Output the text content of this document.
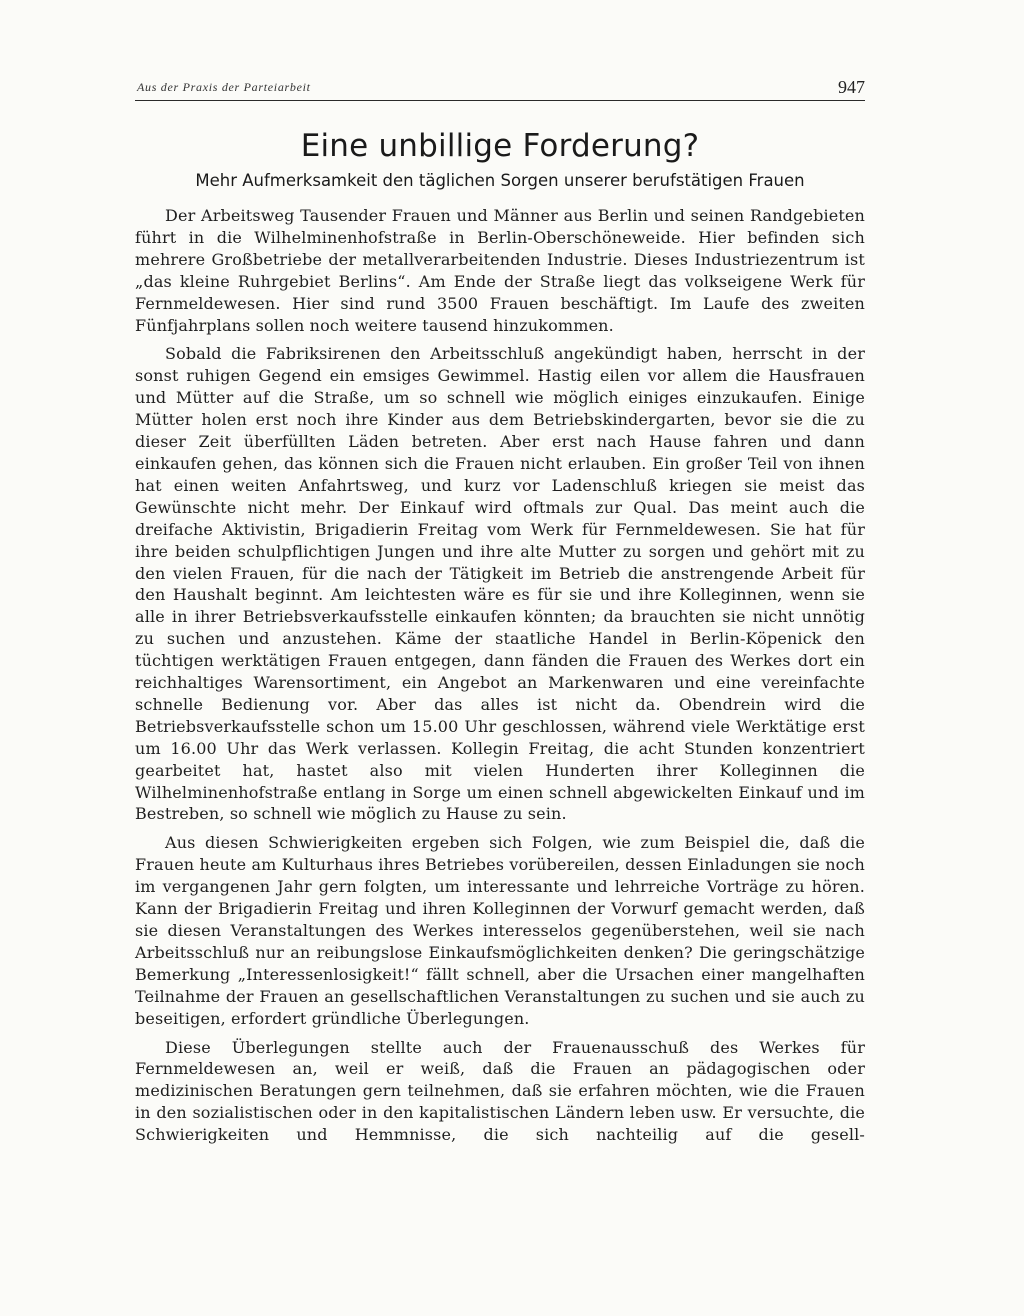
Aus der Praxis der Parteiarbeit	947
Eine unbillige Forderung?
Mehr Aufmerksamkeit den täglichen Sorgen unserer berufstätigen Frauen

Der Arbeitsweg Tausender Frauen und Männer aus Berlin und seinen Randgebieten führt in die Wilhelminenhofstraße in Berlin-Oberschöneweide. Hier befinden sich mehrere Großbetriebe der metallverarbeitenden Industrie. Dieses Industriezentrum ist „das kleine Ruhrgebiet Berlins“. Am Ende der Straße liegt das volkseigene Werk für Fernmeldewesen. Hier sind rund 3500 Frauen beschäftigt. Im Laufe des zweiten Fünfjahrplans sollen noch weitere tausend hinzukommen.

Sobald die Fabriksirenen den Arbeitsschluß angekündigt haben, herrscht in der sonst ruhigen Gegend ein emsiges Gewimmel. Hastig eilen vor allem die Hausfrauen und Mütter auf die Straße, um so schnell wie möglich einiges einzukaufen. Einige Mütter holen erst noch ihre Kinder aus dem Betriebskindergarten, bevor sie die zu dieser Zeit überfüllten Läden betreten. Aber erst nach Hause fahren und dann einkaufen gehen, das können sich die Frauen nicht erlauben. Ein großer Teil von ihnen hat einen weiten Anfahrtsweg, und kurz vor Ladenschluß kriegen sie meist das Gewünschte nicht mehr. Der Einkauf wird oftmals zur Qual. Das meint auch die dreifache Aktivistin, Brigadierin Freitag vom Werk für Fernmeldewesen. Sie hat für ihre beiden schulpflichtigen Jungen und ihre alte Mutter zu sorgen und gehört mit zu den vielen Frauen, für die nach der Tätigkeit im Betrieb die anstrengende Arbeit für den Haushalt beginnt. Am leichtesten wäre es für sie und ihre Kolleginnen, wenn sie alle in ihrer Betriebsverkaufsstelle einkaufen könnten; da brauchten sie nicht unnötig zu suchen und anzustehen. Käme der staatliche Handel in Berlin-Köpenick den tüchtigen werktätigen Frauen entgegen, dann fänden die Frauen des Werkes dort ein reichhaltiges Warensortiment, ein Angebot an Markenwaren und eine vereinfachte schnelle Bedienung vor. Aber das alles ist nicht da. Obendrein wird die Betriebsverkaufsstelle schon um 15.00 Uhr geschlossen, während viele Werktätige erst um 16.00 Uhr das Werk verlassen. Kollegin Freitag, die acht Stunden konzentriert gearbeitet hat, hastet also mit vielen Hunderten ihrer Kolleginnen die Wilhelminenhofstraße entlang in Sorge um einen schnell abgewickelten Einkauf und im Bestreben, so schnell wie möglich zu Hause zu sein.

Aus diesen Schwierigkeiten ergeben sich Folgen, wie zum Beispiel die, daß die Frauen heute am Kulturhaus ihres Betriebes vorübereilen, dessen Einladungen sie noch im vergangenen Jahr gern folgten, um interessante und lehrreiche Vorträge zu hören. Kann der Brigadierin Freitag und ihren Kolleginnen der Vorwurf gemacht werden, daß sie diesen Veranstaltungen des Werkes interesselos gegenüberstehen, weil sie nach Arbeitsschluß nur an reibungslose Einkaufsmöglichkeiten denken? Die geringschätzige Bemerkung „Interessenlosigkeit!“ fällt schnell, aber die Ursachen einer mangelhaften Teilnahme der Frauen an gesellschaftlichen Veranstaltungen zu suchen und sie auch zu beseitigen, erfordert gründliche Überlegungen.

Diese Überlegungen stellte auch der Frauenausschuß des Werkes für Fernmeldewesen an, weil er weiß, daß die Frauen an pädagogischen oder medizinischen Beratungen gern teilnehmen, daß sie erfahren möchten, wie die Frauen in den sozialistischen oder in den kapitalistischen Ländern leben usw. Er versuchte, die Schwierigkeiten und Hemmnisse, die sich nachteilig auf die gesell-
